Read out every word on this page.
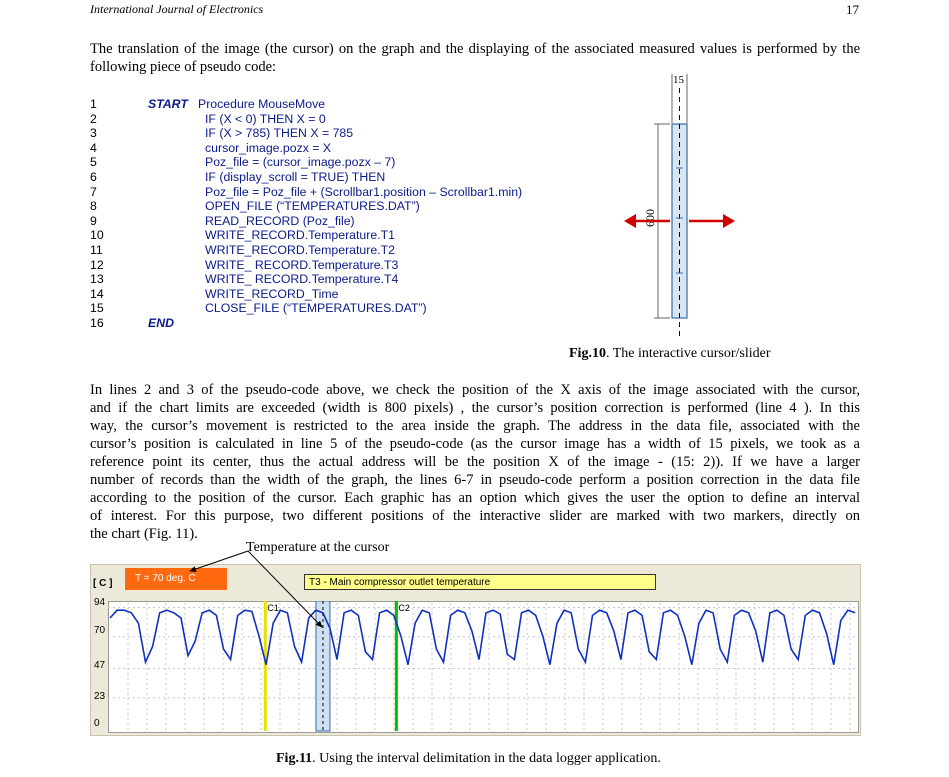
International Journal of Electronics	17
The translation of the image (the cursor) on the graph and the displaying of the associated measured values is performed by the following piece of pseudo code:
1	START Procedure MouseMove
2	IF (X < 0) THEN X = 0
3	IF (X > 785) THEN X = 785
4	cursor_image.pozx = X
5	Poz_file = (cursor_image.pozx – 7)
6	IF (display_scroll = TRUE) THEN
7	Poz_file = Poz_file + (Scrollbar1.position – Scrollbar1.min)
8	OPEN_FILE (“TEMPERATURES.DAT”)
9	READ_RECORD (Poz_file)
10	WRITE_RECORD.Temperature.T1
11	WRITE_RECORD.Temperature.T2
12	WRITE_ RECORD.Temperature.T3
13	WRITE_ RECORD.Temperature.T4
14	WRITE_RECORD_Time
15	CLOSE_FILE (“TEMPERATURES.DAT”)
16	END
15
600
Fig.10. The interactive cursor/slider
In lines 2 and 3 of the pseudo-code above, we check the position of the X axis of the image associated with the cursor,
and if the chart limits are exceeded (width is 800 pixels) , the cursor’s position correction is performed (line 4 ). In this
way, the cursor’s movement is restricted to the area inside the graph. The address in the data file, associated with the
cursor’s position is calculated in line 5 of the pseudo-code (as the cursor image has a width of 15 pixels, we took as a
reference point its center, thus the actual address will be the position X of the image - (15: 2)). If we have a larger
number of records than the width of the graph, the lines 6-7 in pseudo-code perform a position correction in the data file
according to the position of the cursor. Each graphic has an option which gives the user the option to define an interval
of interest. For this purpose, two different positions of the interactive slider are marked with two markers, directly on
the chart (Fig. 11).
Temperature at the cursor
[ C ]	T = 70 deg. C	T3 - Main compressor outlet temperature
94
70
47
23
0
C1	C2
Fig.11. Using the interval delimitation in the data logger application.
